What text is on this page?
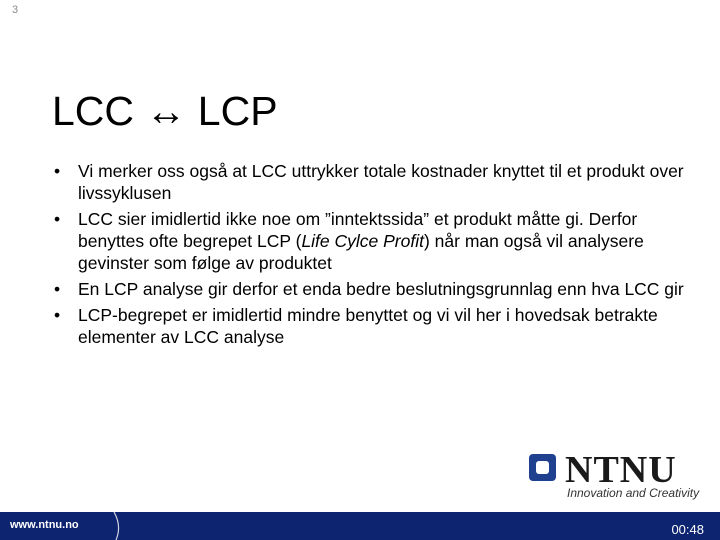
3
LCC ↔ LCP
• Vi merker oss også at LCC uttrykker totale kostnader knyttet til et produkt over livssyklusen
• LCC sier imidlertid ikke noe om ”inntektssida” et produkt måtte gi. Derfor benyttes ofte begrepet LCP (Life Cylce Profit) når man også vil analysere gevinster som følge av produktet
• En LCP analyse gir derfor et enda bedre beslutningsgrunnlag enn hva LCC gir
• LCP-begrepet er imidlertid mindre benyttet og vi vil her i hovedsak betrakte elementer av LCC analyse
NTNU
Innovation and Creativity
www.ntnu.no	00:48
